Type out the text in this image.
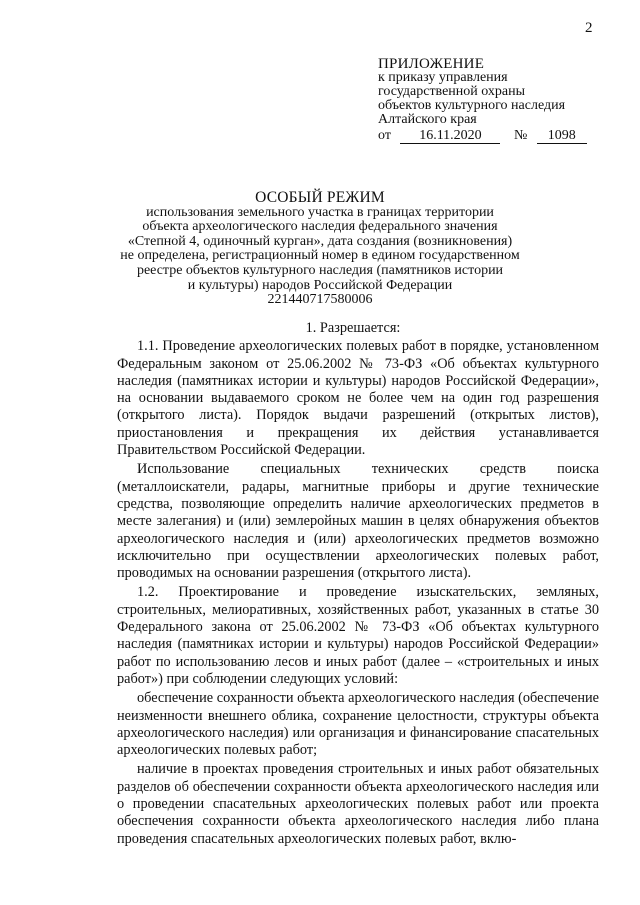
2
ПРИЛОЖЕНИЕ
к приказу управления
государственной охраны
объектов культурного наследия
Алтайского края
от 16.11.2020 № 1098
ОСОБЫЙ РЕЖИМ
использования земельного участка в границах территории
объекта археологического наследия федерального значения
«Степной 4, одиночный курган», дата создания (возникновения)
не определена, регистрационный номер в едином государственном
реестре объектов культурного наследия (памятников истории
и культуры) народов Российской Федерации
221440717580006
1. Разрешается:

1.1. Проведение археологических полевых работ в порядке, установленном Федеральным законом от 25.06.2002 № 73-ФЗ «Об объектах культурного наследия (памятниках истории и культуры) народов Российской Федерации», на основании выдаваемого сроком не более чем на один год разрешения (открытого листа). Порядок выдачи разрешений (открытых листов), приостановления и прекращения их действия устанавливается Правительством Российской Федерации.

Использование специальных технических средств поиска (металлоискатели, радары, магнитные приборы и другие технические средства, позволяющие определить наличие археологических предметов в месте залегания) и (или) землеройных машин в целях обнаружения объектов археологического наследия и (или) археологических предметов возможно исключительно при осуществлении археологических полевых работ, проводимых на основании разрешения (открытого листа).

1.2. Проектирование и проведение изыскательских, земляных, строительных, мелиоративных, хозяйственных работ, указанных в статье 30 Федерального закона от 25.06.2002 № 73-ФЗ «Об объектах культурного наследия (памятниках истории и культуры) народов Российской Федерации» работ по использованию лесов и иных работ (далее – «строительных и иных работ») при соблюдении следующих условий:

обеспечение сохранности объекта археологического наследия (обеспечение неизменности внешнего облика, сохранение целостности, структуры объекта археологического наследия) или организация и финансирование спасательных археологических полевых работ;

наличие в проектах проведения строительных и иных работ обязательных разделов об обеспечении сохранности объекта археологического наследия или о проведении спасательных археологических полевых работ или проекта обеспечения сохранности объекта археологического наследия либо плана проведения спасательных археологических полевых работ, вклю-
